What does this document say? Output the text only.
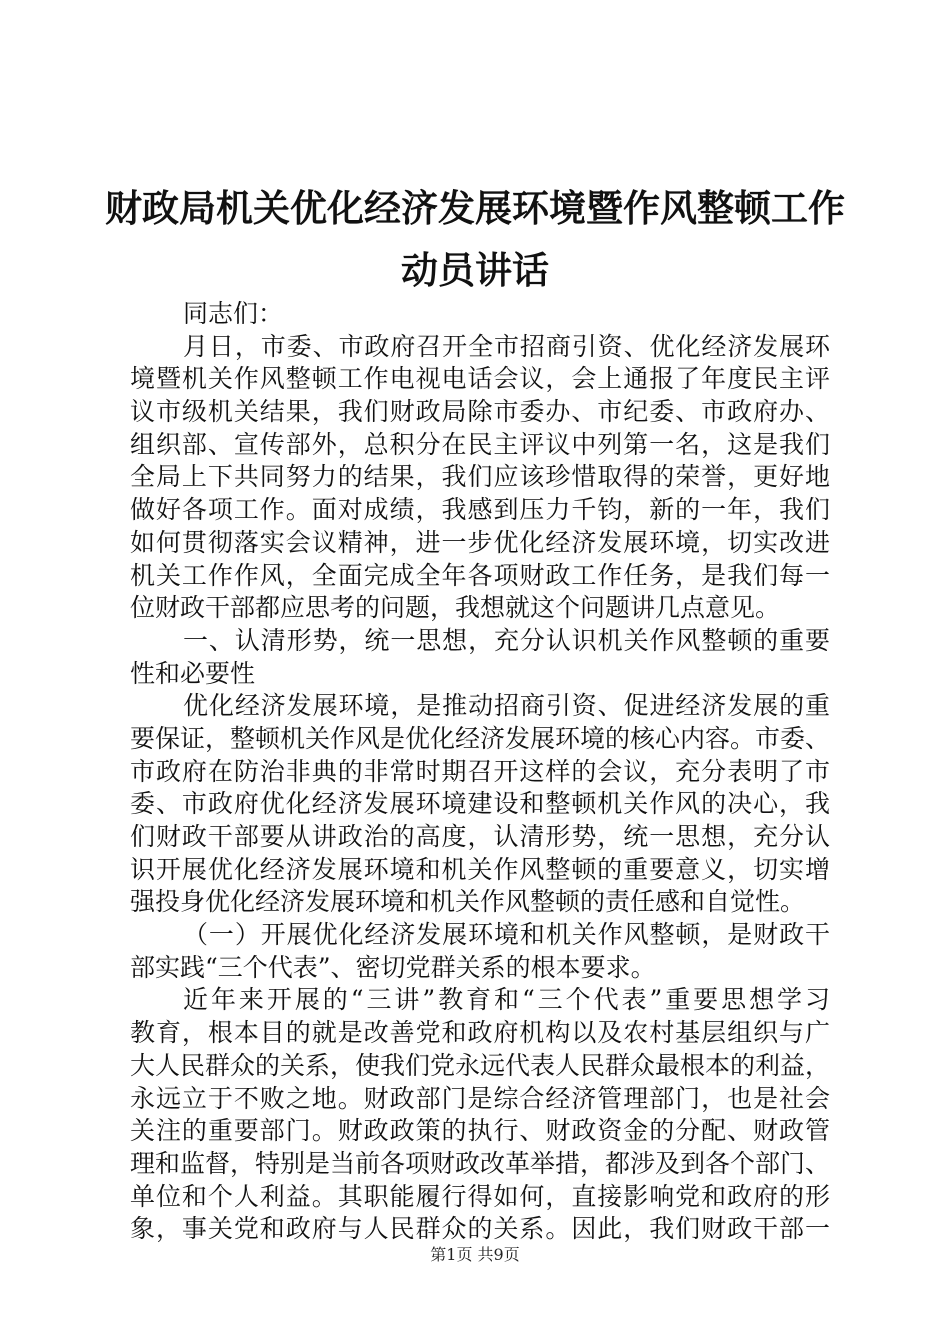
财政局机关优化经济发展环境暨作风整顿工作
动员讲话
同志们：
月日，市委、市政府召开全市招商引资、优化经济发展环
境暨机关作风整顿工作电视电话会议，会上通报了年度民主评
议市级机关结果，我们财政局除市委办、市纪委、市政府办、
组织部、宣传部外，总积分在民主评议中列第一名，这是我们
全局上下共同努力的结果，我们应该珍惜取得的荣誉，更好地
做好各项工作。面对成绩，我感到压力千钧，新的一年，我们
如何贯彻落实会议精神，进一步优化经济发展环境，切实改进
机关工作作风，全面完成全年各项财政工作任务，是我们每一
位财政干部都应思考的问题，我想就这个问题讲几点意见。
一、认清形势，统一思想，充分认识机关作风整顿的重要
性和必要性
优化经济发展环境，是推动招商引资、促进经济发展的重
要保证，整顿机关作风是优化经济发展环境的核心内容。市委、
市政府在防治非典的非常时期召开这样的会议，充分表明了市
委、市政府优化经济发展环境建设和整顿机关作风的决心，我
们财政干部要从讲政治的高度，认清形势，统一思想，充分认
识开展优化经济发展环境和机关作风整顿的重要意义，切实增
强投身优化经济发展环境和机关作风整顿的责任感和自觉性。
（一）开展优化经济发展环境和机关作风整顿，是财政干
部实践“三个代表”、密切党群关系的根本要求。
近年来开展的“三讲”教育和“三个代表”重要思想学习
教育，根本目的就是改善党和政府机构以及农村基层组织与广
大人民群众的关系，使我们党永远代表人民群众最根本的利益，
永远立于不败之地。财政部门是综合经济管理部门，也是社会
关注的重要部门。财政政策的执行、财政资金的分配、财政管
理和监督，特别是当前各项财政改革举措，都涉及到各个部门、
单位和个人利益。其职能履行得如何，直接影响党和政府的形
象，事关党和政府与人民群众的关系。因此，我们财政干部一
第1页 共9页
